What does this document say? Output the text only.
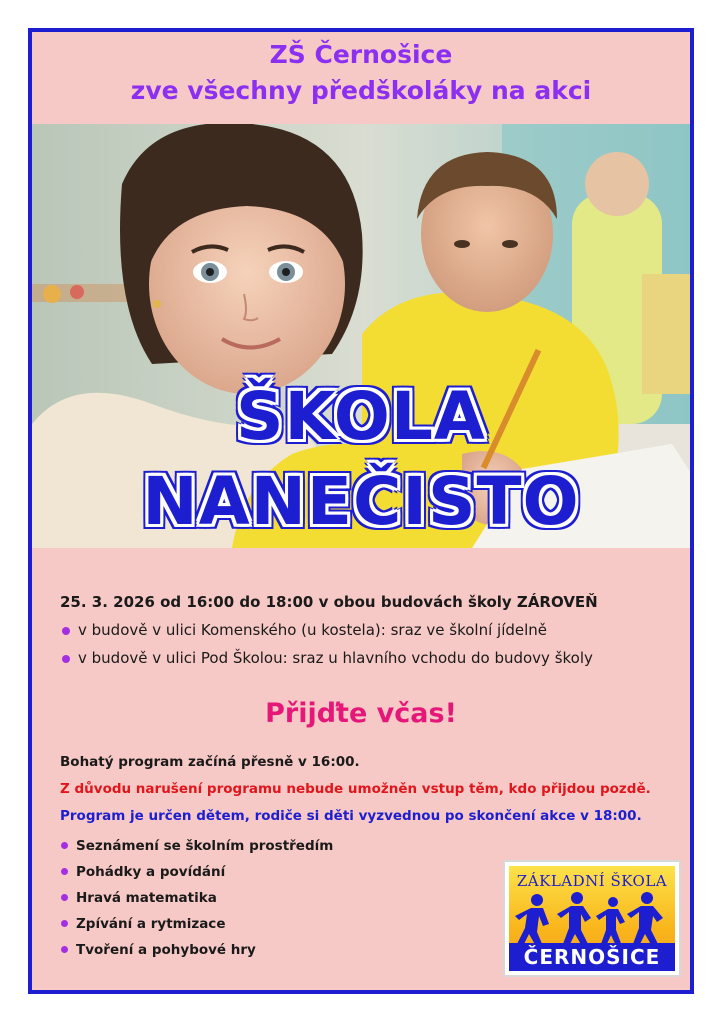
ZŠ Černošice
zve všechny předškoláky na akci
ŠKOLA
NANEČISTO
25. 3. 2026 od 16:00 do 18:00 v obou budovách školy ZÁROVEŇ
v budově v ulici Komenského (u kostela): sraz ve školní jídelně
v budově v ulici Pod Školou: sraz u hlavního vchodu do budovy školy
Přijďte včas!

Bohatý program začíná přesně v 16:00.

Z důvodu narušení programu nebude umožněn vstup těm, kdo přijdou pozdě.

Program je určen dětem, rodiče si děti vyzvednou po skončení akce v 18:00.

Seznámení se školním prostředím
Pohádky a povídání
Hravá matematika
Zpívání a rytmizace
Tvoření a pohybové hry
ZÁKLADNÍ ŠKOLA
ČERNOŠICE
